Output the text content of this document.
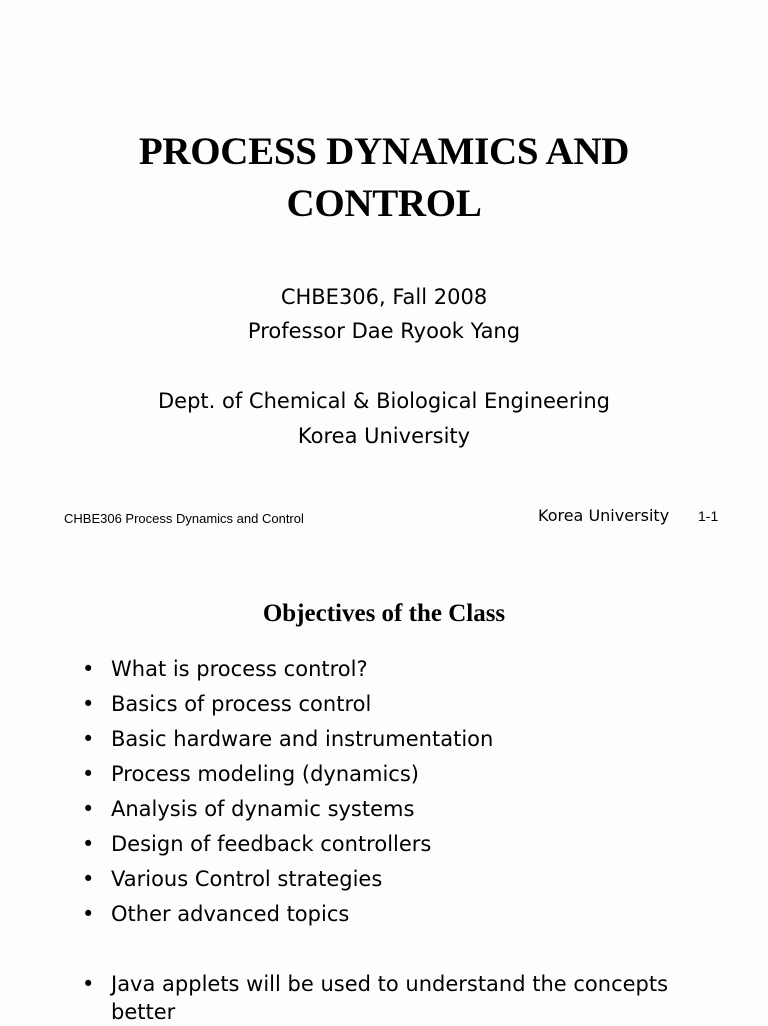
PROCESS DYNAMICS AND
CONTROL
CHBE306, Fall 2008
Professor Dae Ryook Yang
Dept. of Chemical & Biological Engineering
Korea University
CHBE306 Process Dynamics and Control	Korea University 1-1
Objectives of the Class
• What is process control?
• Basics of process control
• Basic hardware and instrumentation
• Process modeling (dynamics)
• Analysis of dynamic systems
• Design of feedback controllers
• Various Control strategies
• Other advanced topics
• Java applets will be used to understand the concepts better
